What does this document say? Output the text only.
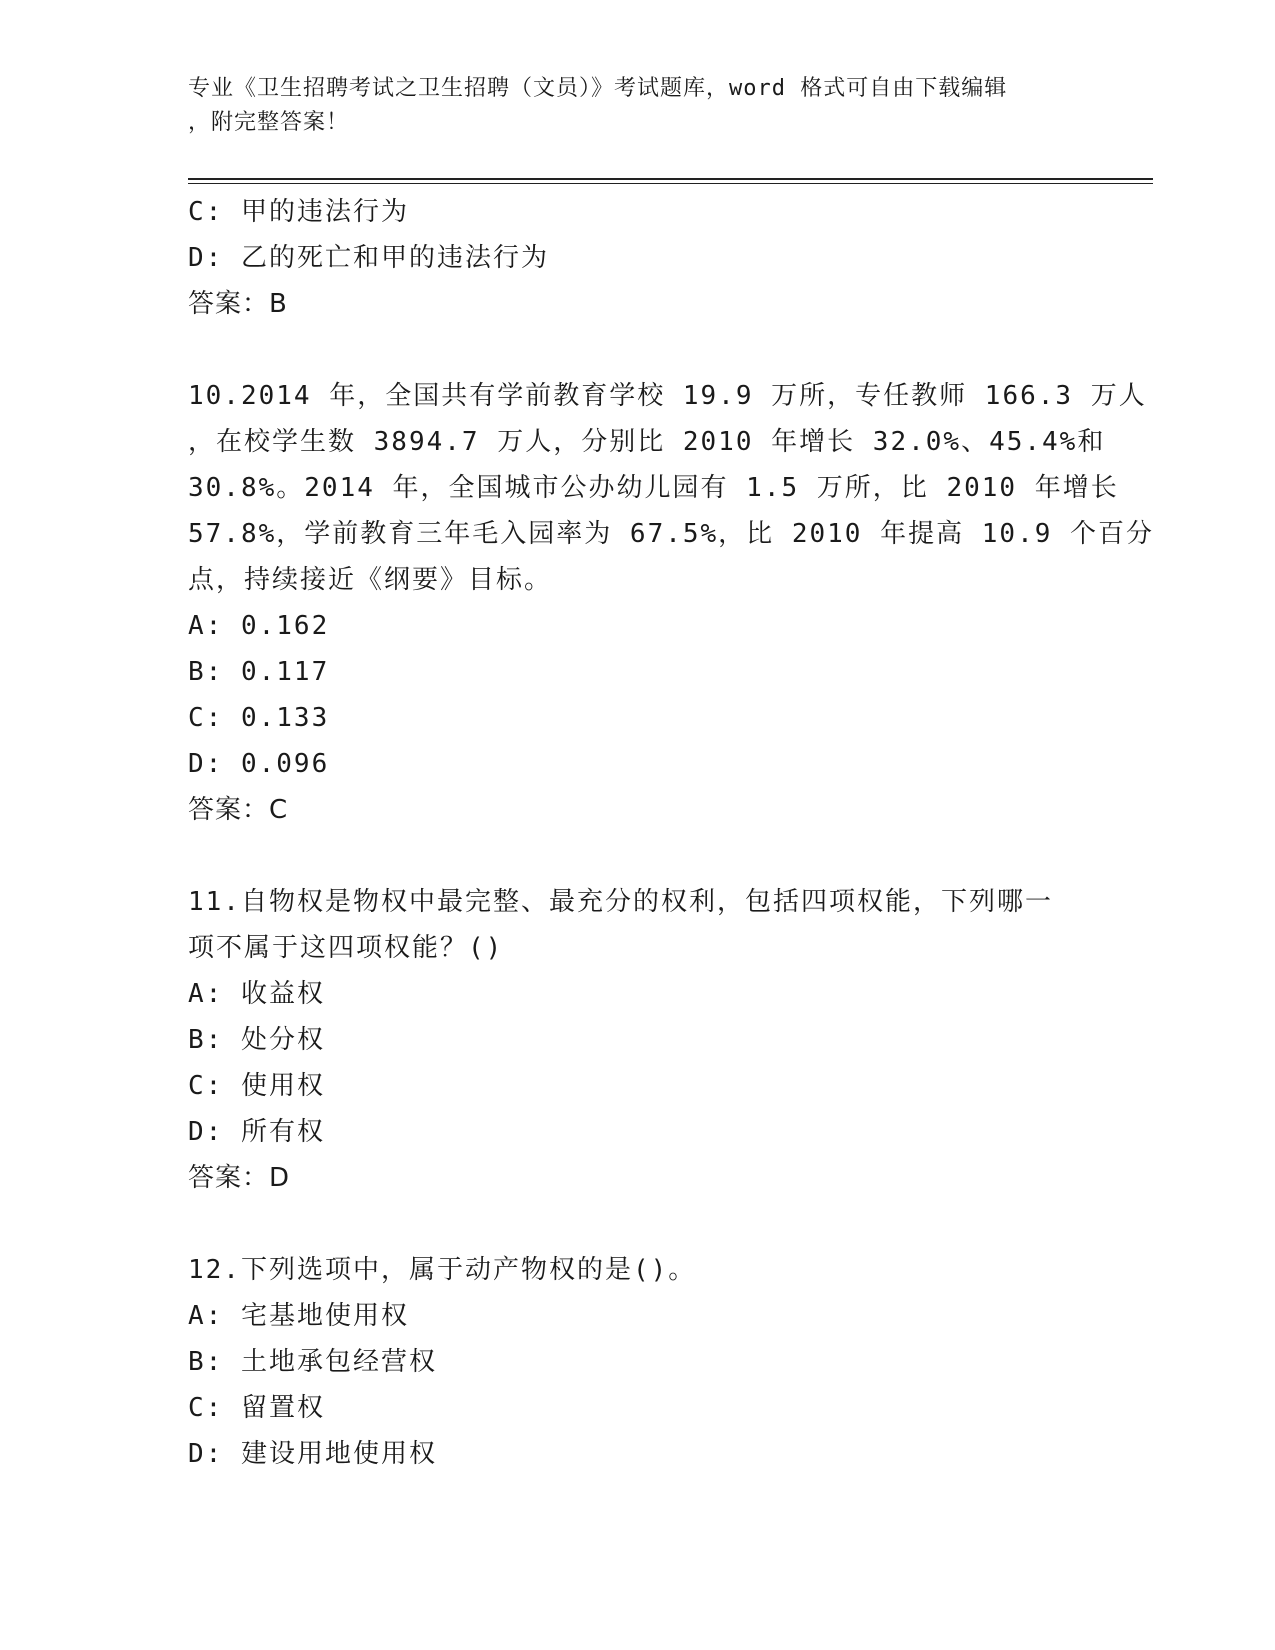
专业《卫生招聘考试之卫生招聘（文员）》考试题库，word 格式可自由下载编辑
，附完整答案！
C: 甲的违法行为
D: 乙的死亡和甲的违法行为
答案：B
10.2014 年，全国共有学前教育学校 19.9 万所，专任教师 166.3 万人
，在校学生数 3894.7 万人，分别比 2010 年增长 32.0%、45.4%和
30.8%。2014 年，全国城市公办幼儿园有 1.5 万所，比 2010 年增长
57.8%，学前教育三年毛入园率为 67.5%，比 2010 年提高 10.9 个百分
点，持续接近《纲要》目标。
A: 0.162
B: 0.117
C: 0.133
D: 0.096
答案：C
11.自物权是物权中最完整、最充分的权利，包括四项权能，下列哪一
项不属于这四项权能？()
A: 收益权
B: 处分权
C: 使用权
D: 所有权
答案：D
12.下列选项中，属于动产物权的是()。
A: 宅基地使用权
B: 土地承包经营权
C: 留置权
D: 建设用地使用权
